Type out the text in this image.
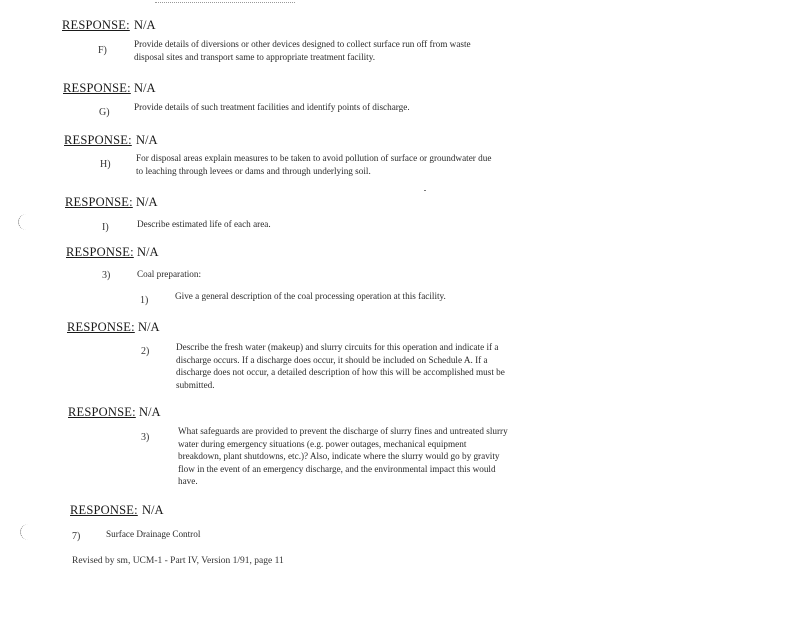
RESPONSE: N/A
F)
Provide details of diversions or other devices designed to collect surface run off from waste
disposal sites and transport same to appropriate treatment facility.
RESPONSE: N/A
G)	Provide details of such treatment facilities and identify points of discharge.
RESPONSE: N/A
H)
For disposal areas explain measures to be taken to avoid pollution of surface or groundwater due
to leaching through levees or dams and through underlying soil.
RESPONSE: N/A
I)	Describe estimated life of each area.
RESPONSE: N/A
3)	Coal preparation:
1)	Give a general description of the coal processing operation at this facility.
RESPONSE: N/A
2)	Describe the fresh water (makeup) and slurry circuits for this operation and indicate if a
discharge occurs. If a discharge does occur, it should be included on Schedule A. If a
discharge does not occur, a detailed description of how this will be accomplished must be
submitted.
RESPONSE: N/A
3)
What safeguards are provided to prevent the discharge of slurry fines and untreated slurry
water during emergency situations (e.g. power outages, mechanical equipment
breakdown, plant shutdowns, etc.)? Also, indicate where the slurry would go by gravity
flow in the event of an emergency discharge, and the environmental impact this would
have.
RESPONSE: N/A
7)	Surface Drainage Control
Revised by sm, UCM-1 - Part IV, Version 1/91, page 11
